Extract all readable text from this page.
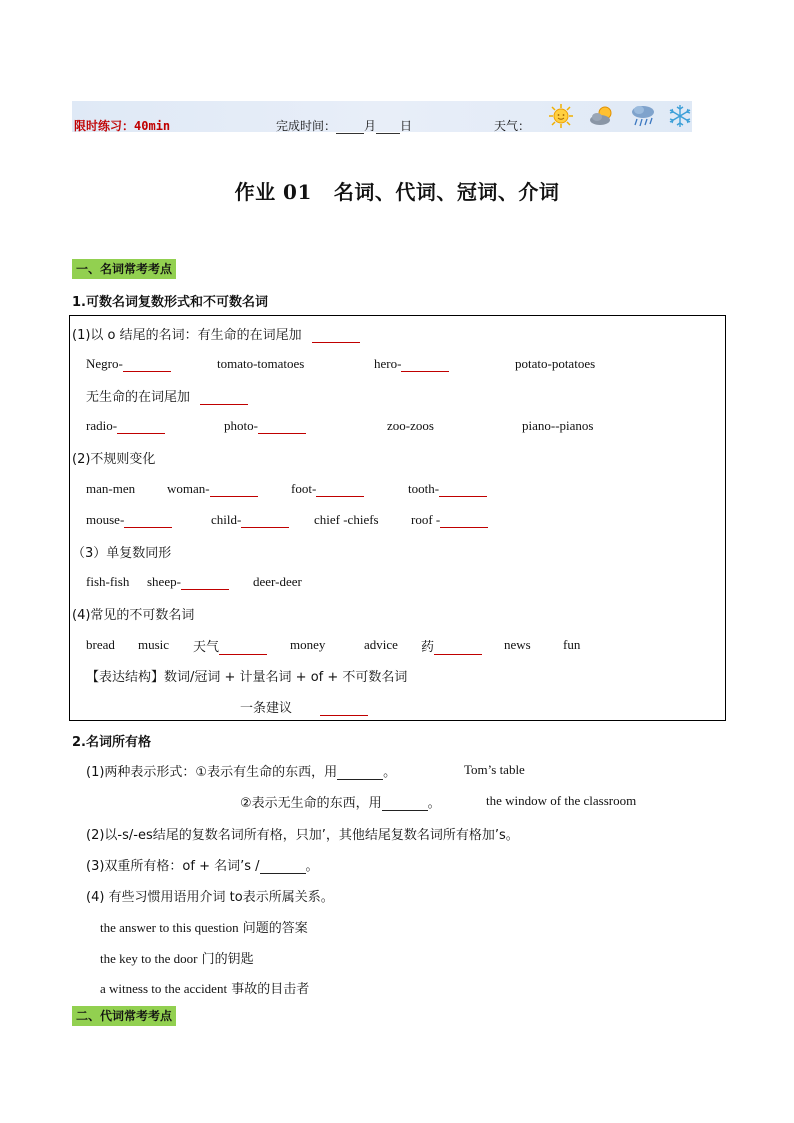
限时练习：40min	完成时间： 月 日	天气：
作业 01 名词、代词、冠词、介词
一、名词常考考点
1.可数名词复数形式和不可数名词
(1)以 o 结尾的名词：有生命的在词尾加
Negro-	tomato-tomatoes	hero-	potato-potatoes
无生命的在词尾加
radio-	photo-	zoo-zoos	piano--pianos
(2)不规则变化
man-men woman-	foot-	tooth-
mouse-	child-	chief -chiefs roof -
（3）单复数同形
fish-fish sheep-	deer-deer
(4)常见的不可数名词
bread music 天气	money	advice 药	news fun
【表达结构】数词/冠词 + 计量名词 + of + 不可数名词
一条建议
2.名词所有格
(1)两种表示形式：①表示有生命的东西，用	。	Tom’s table
②表示无生命的东西，用	。	the window of the classroom
(2)以-s/-es结尾的复数名词所有格，只加’，其他结尾复数名词所有格加’s。
(3)双重所有格：of + 名词’s /	。
(4) 有些习惯用语用介词 to表示所属关系。
the answer to this question 问题的答案
the key to the door 门的钥匙
a witness to the accident 事故的目击者
二、代词常考考点
